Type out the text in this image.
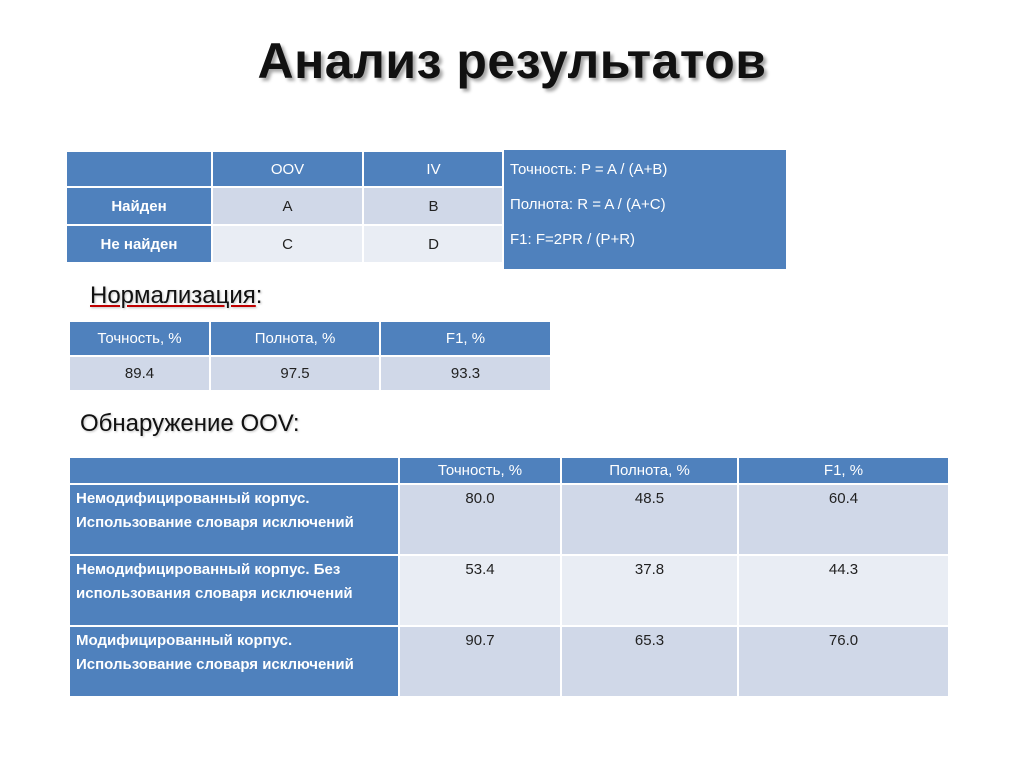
Анализ результатов
	OOV	IV
Найден	A	B
Не найден	C	D
Точность: P = A / (A+B)
Полнота: R = A / (A+C)
F1: F=2PR / (P+R)
Нормализация:
Точность, %	Полнота, %	F1, %
89.4	97.5	93.3
Обнаружение OOV:
	Точность, %	Полнота, %	F1, %
Немодифицированный корпус. Использование словаря исключений	80.0	48.5	60.4
Немодифицированный корпус. Без использования словаря исключений	53.4	37.8	44.3
Модифицированный корпус. Использование словаря исключений	90.7	65.3	76.0
